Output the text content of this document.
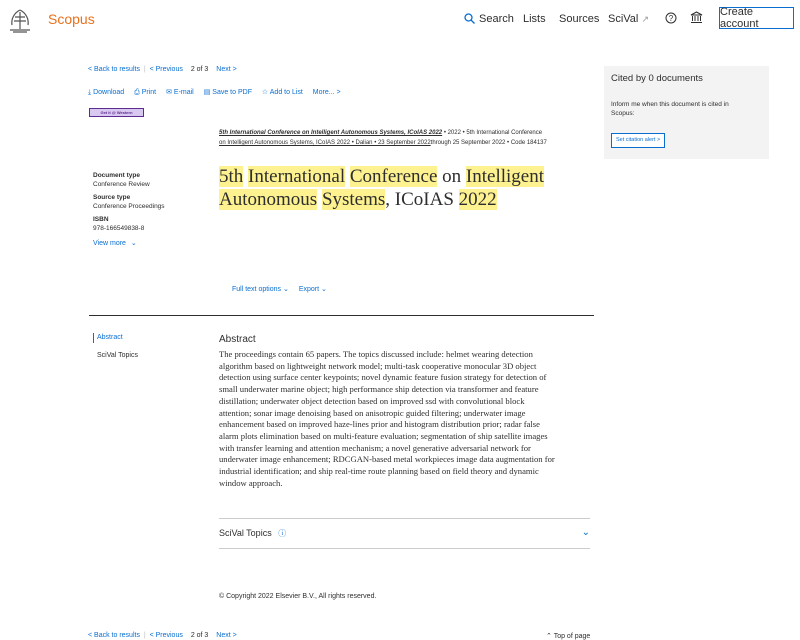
Scopus	Search Lists Sources SciVal ↗ ?
Create account
< Back to results  |  < Previous 2 of 3 Next >
⤓ Download ⎙ Print ✉ E-mail ▤ Save to PDF ☆ Add to List More... >
Get it @ Western
5th International Conference on Intelligent Autonomous Systems, ICoIAS 2022 • 2022 • 5th International Conference
on Intelligent Autonomous Systems, ICoIAS 2022 • Dalian • 23 September 2022through 25 September 2022 • Code 184137
5th International Conference on Intelligent
Autonomous Systems, ICoIAS 2022
Document type
Conference Review
Source type
Conference Proceedings
ISBN
978-166549838-8
View more ⌄
Full text options ⌄ Export ⌄
Abstract
SciVal Topics
Abstract
The proceedings contain 65 papers. The topics discussed include: helmet wearing detection
algorithm based on lightweight network model; multi-task cooperative monocular 3D object
detection using surface center keypoints; novel dynamic feature fusion strategy for detection of
small underwater marine object; high performance ship detection via transformer and feature
distillation; underwater object detection based on improved ssd with convolutional block
attention; sonar image denoising based on anisotropic guided filtering; underwater image
enhancement based on improved haze-lines prior and histogram distribution prior; radar false
alarm plots elimination based on multi-feature evaluation; segmentation of ship satellite images
with transfer learning and attention mechanism; a novel generative adversarial network for
underwater image enhancement; RDCGAN-based metal workpieces image data augmentation for
industrial identification; and ship real-time route planning based on field theory and dynamic
window approach.
SciVal Topics ⓘ	⌄
© Copyright 2022 Elsevier B.V., All rights reserved.
< Back to results  |  < Previous 2 of 3 Next >	⌃ Top of page
Cited by 0 documents
Inform me when this document is cited in
Scopus:
Set citation alert >
